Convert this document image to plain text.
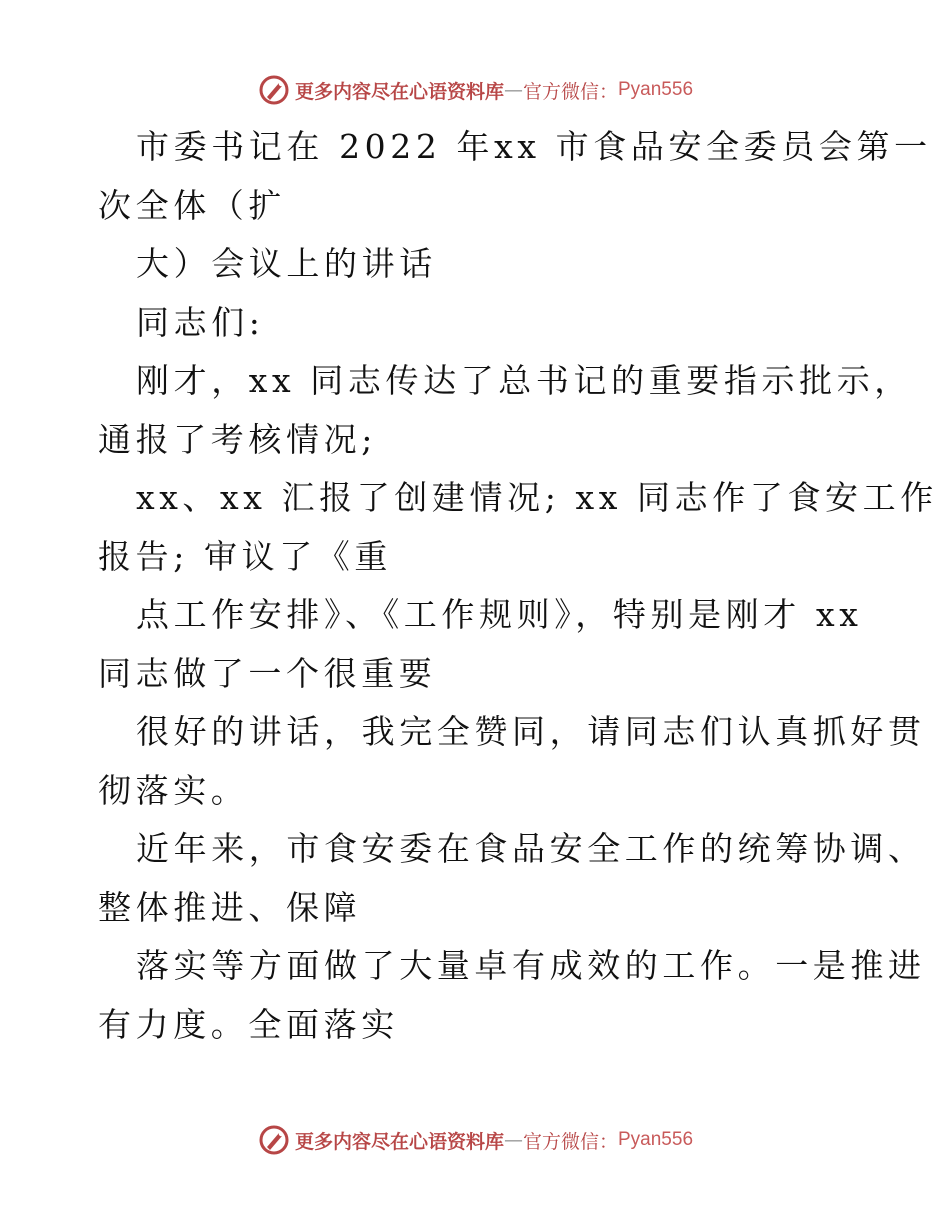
更多内容尽在心语资料库 — 官方微信： Pyan556
市委书记在 2022 年xx 市食品安全委员会第一
次全体（扩
大）会议上的讲话
同志们:
刚才，xx 同志传达了总书记的重要指示批示，
通报了考核情况;
xx、xx 汇报了创建情况; xx 同志作了食安工作
报告; 审议了《重
点工作安排》、《工作规则》，特别是刚才 xx
同志做了一个很重要
很好的讲话，我完全赞同，请同志们认真抓好贯
彻落实。
近年来，市食安委在食品安全工作的统筹协调、
整体推进、保障
落实等方面做了大量卓有成效的工作。一是推进
有力度。全面落实
更多内容尽在心语资料库 — 官方微信： Pyan556
